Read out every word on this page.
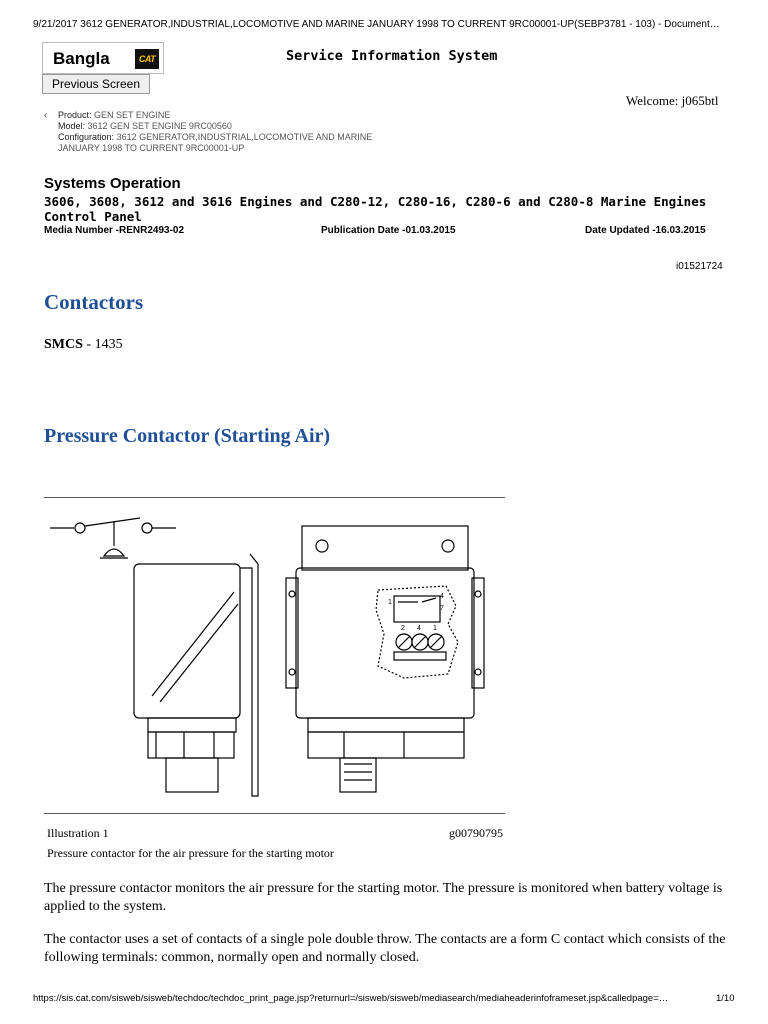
9/21/2017 3612 GENERATOR,INDUSTRIAL,LOCOMOTIVE AND MARINE JANUARY 1998 TO CURRENT 9RC00001-UP(SEBP3781 - 103) - Document…
Bangla	CAT
Previous Screen
Service Information System
Welcome: j065btl
‹ Product: GEN SET ENGINE
Model: 3612 GEN SET ENGINE 9RC00560
Configuration: 3612 GENERATOR,INDUSTRIAL,LOCOMOTIVE AND MARINE
JANUARY 1998 TO CURRENT 9RC00001-UP
Systems Operation
3606, 3608, 3612 and 3616 Engines and C280-12, C280-16, C280-6 and C280-8 Marine Engines
Control Panel
Media Number -RENR2493-02	Publication Date -01.03.2015	Date Updated -16.03.2015
i01521724
Contactors
SMCS - 1435
Pressure Contactor (Starting Air)
1
4
7
2 4 1
Illustration 1	g00790795
Pressure contactor for the air pressure for the starting motor
The pressure contactor monitors the air pressure for the starting motor. The pressure is monitored when battery voltage is applied to the system.
The contactor uses a set of contacts of a single pole double throw. The contacts are a form C contact which consists of the following terminals: common, normally open and normally closed.
https://sis.cat.com/sisweb/sisweb/techdoc/techdoc_print_page.jsp?returnurl=/sisweb/sisweb/mediasearch/mediaheaderinfoframeset.jsp&calledpage=…	1/10
